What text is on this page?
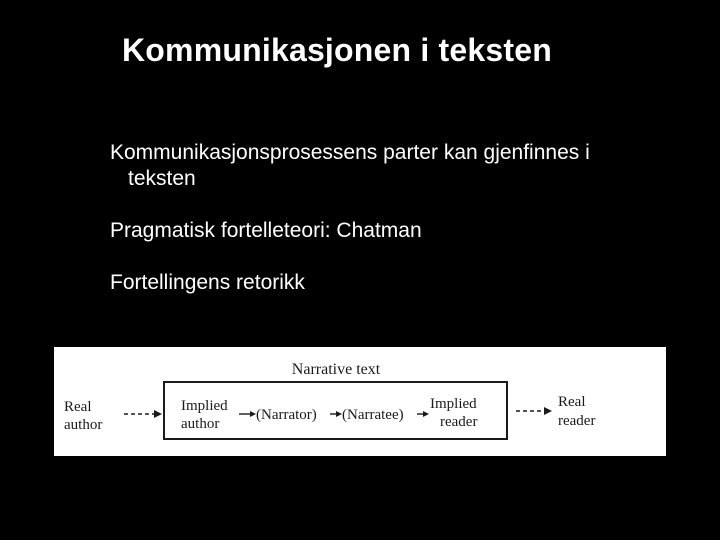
Kommunikasjonen i teksten
Kommunikasjonsprosessens parter kan gjenfinnes i
teksten
Pragmatisk fortelleteori: Chatman
Fortellingens retorikk
Narrative text
Real author
Implied author
(Narrator) (Narratee)
Implied reader
Real reader
